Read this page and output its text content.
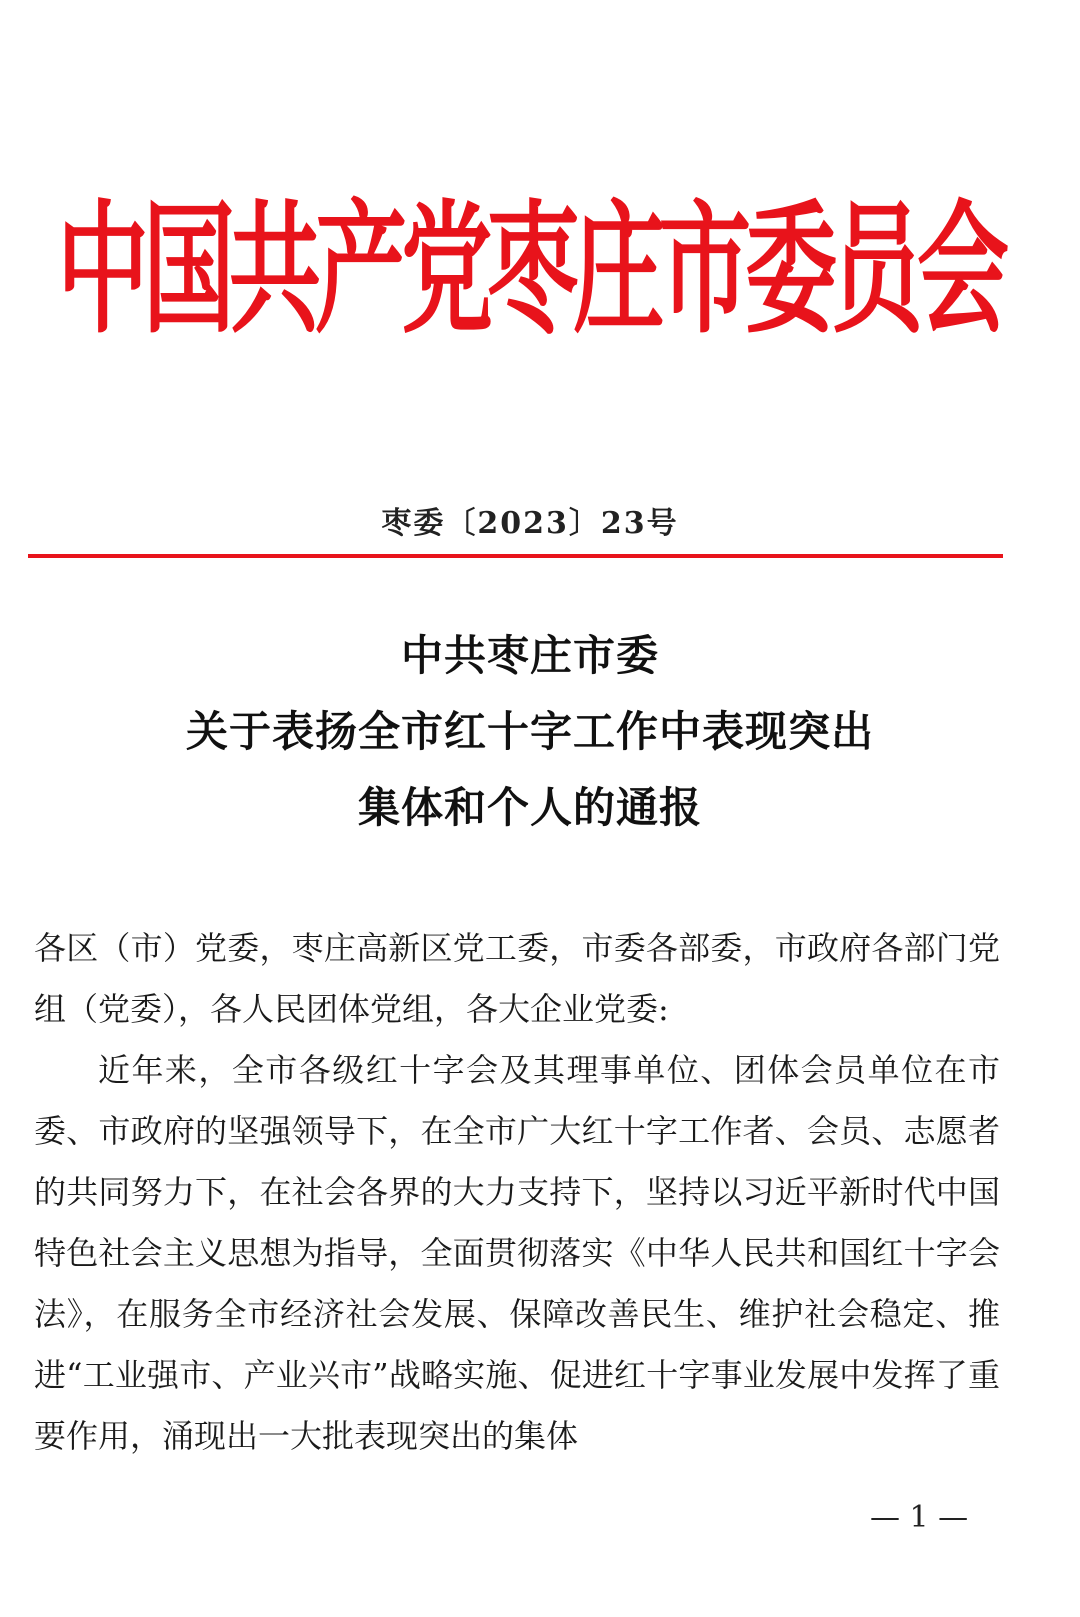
中国共产党枣庄市委员会
枣委〔2023〕23号
中共枣庄市委
关于表扬全市红十字工作中表现突出
集体和个人的通报

各区（市）党委，枣庄高新区党工委，市委各部委，市政府各部门党组（党委），各人民团体党组，各大企业党委:

近年来，全市各级红十字会及其理事单位、团体会员单位在市委、市政府的坚强领导下，在全市广大红十字工作者、会员、志愿者的共同努力下，在社会各界的大力支持下，坚持以习近平新时代中国特色社会主义思想为指导，全面贯彻落实《中华人民共和国红十字会法》，在服务全市经济社会发展、保障改善民生、维护社会稳定、推进“工业强市、产业兴市”战略实施、促进红十字事业发展中发挥了重要作用，涌现出一大批表现突出的集体

— 1 —
